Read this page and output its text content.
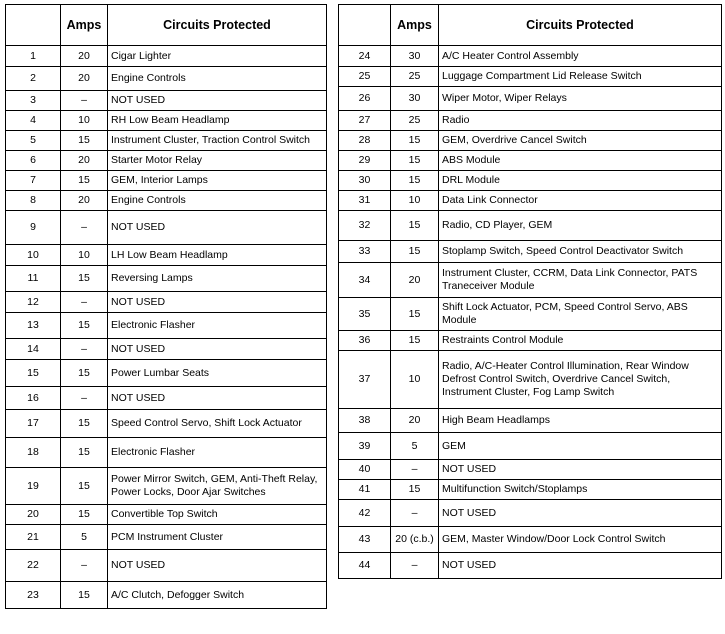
	Amps	Circuits Protected
1	20	Cigar Lighter
2	20	Engine Controls
3	–	NOT USED
4	10	RH Low Beam Headlamp
5	15	Instrument Cluster, Traction Control Switch
6	20	Starter Motor Relay
7	15	GEM, Interior Lamps
8	20	Engine Controls
9	–	NOT USED
10	10	LH Low Beam Headlamp
11	15	Reversing Lamps
12	–	NOT USED
13	15	Electronic Flasher
14	–	NOT USED
15	15	Power Lumbar Seats
16	–	NOT USED
17	15	Speed Control Servo, Shift Lock Actuator
18	15	Electronic Flasher
19	15	Power Mirror Switch, GEM, Anti-Theft Relay, Power Locks, Door Ajar Switches
20	15	Convertible Top Switch
21	5	PCM Instrument Cluster
22	–	NOT USED
23	15	A/C Clutch, Defogger Switch
	Amps	Circuits Protected
24	30	A/C Heater Control Assembly
25	25	Luggage Compartment Lid Release Switch
26	30	Wiper Motor, Wiper Relays
27	25	Radio
28	15	GEM, Overdrive Cancel Switch
29	15	ABS Module
30	15	DRL Module
31	10	Data Link Connector
32	15	Radio, CD Player, GEM
33	15	Stoplamp Switch, Speed Control Deactivator Switch
34	20	Instrument Cluster, CCRM, Data Link Connector, PATS Traneceiver Module
35	15	Shift Lock Actuator, PCM, Speed Control Servo, ABS Module
36	15	Restraints Control Module
37	10	Radio, A/C-Heater Control Illumination, Rear Window Defrost Control Switch, Overdrive Cancel Switch, Instrument Cluster, Fog Lamp Switch
38	20	High Beam Headlamps
39	5	GEM
40	–	NOT USED
41	15	Multifunction Switch/Stoplamps
42	–	NOT USED
43	20 (c.b.)	GEM, Master Window/Door Lock Control Switch
44	–	NOT USED
